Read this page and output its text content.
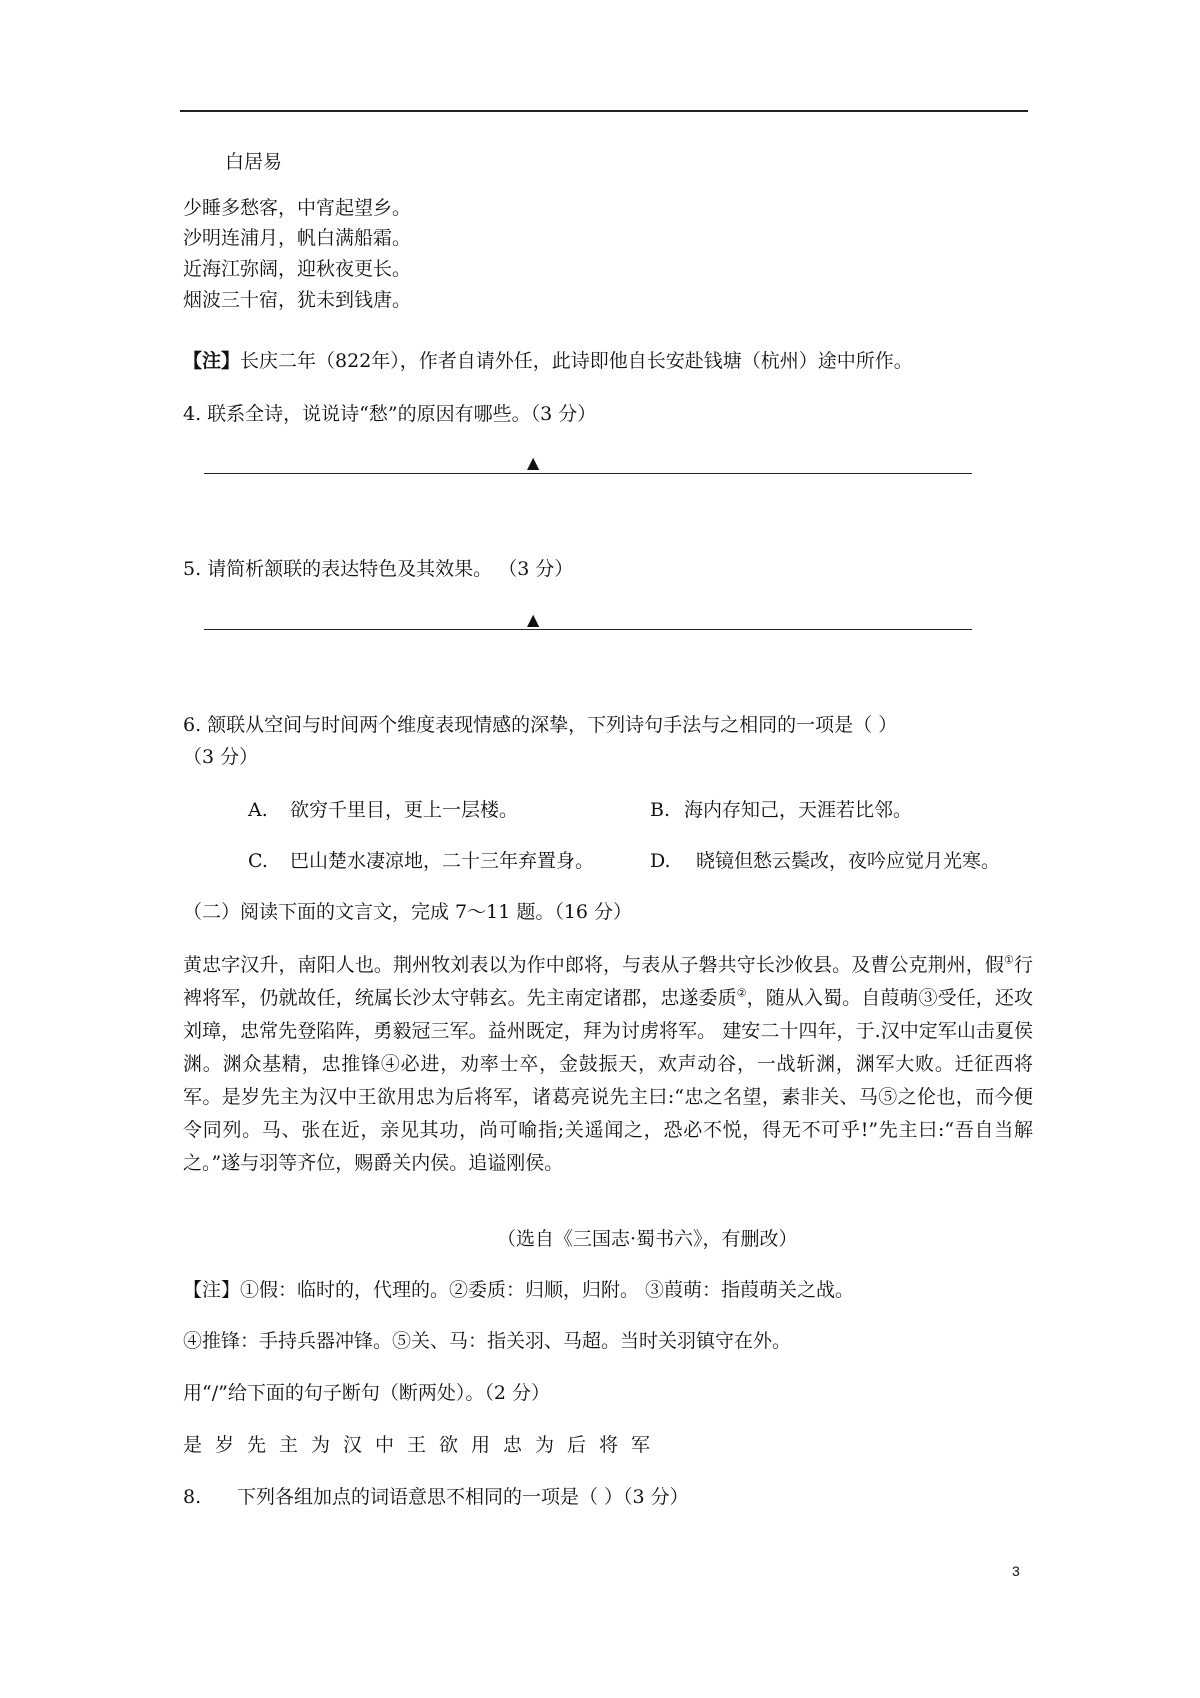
白居易
少睡多愁客，中宵起望乡。
沙明连浦月，帆白满船霜。
近海江弥阔，迎秋夜更长。
烟波三十宿，犹未到钱唐。
【注】长庆二年（822年），作者自请外任，此诗即他自长安赴钱塘（杭州）途中所作。
4. 联系全诗，说说诗“愁”的原因有哪些。（3 分）
▲
5. 请简析颔联的表达特色及其效果。 （3 分）
▲
6. 颔联从空间与时间两个维度表现情感的深挚，下列诗句手法与之相同的一项是（ ）
（3 分）
A. 欲穷千里目，更上一层楼。	B. 海内存知己，天涯若比邻。
C. 巴山楚水凄凉地，二十三年弃置身。	D. 晓镜但愁云鬓改，夜吟应觉月光寒。
（二）阅读下面的文言文，完成 7～11 题。（16 分）
黄忠字汉升，南阳人也。荆州牧刘表以为作中郎将，与表从子磐共守长沙攸县。及曹公克荆州，假①行裨将军，仍就故任，统属长沙太守韩玄。先主南定诸郡，忠遂委质②，随从入蜀。自葭萌③受任，还攻刘璋，忠常先登陷阵，勇毅冠三军。益州既定，拜为讨虏将军。 建安二十四年，于.汉中定军山击夏侯渊。渊众基精，忠推锋④必进，劝率士卒，金鼓振天，欢声动谷，一战斩渊，渊军大败。迁征西将军。是岁先主为汉中王欲用忠为后将军，诸葛亮说先主曰:“忠之名望，素非关、马⑤之伦也，而今便令同列。马、张在近，亲见其功，尚可喻指;关遥闻之，恐必不悦，得无不可乎!”先主曰:“吾自当解之。”遂与羽等齐位，赐爵关内侯。追谥刚侯。
（选自《三国志·蜀书六》，有删改）
【注】①假：临时的，代理的。②委质：归顺，归附。 ③葭萌：指葭萌关之战。
④推锋：手持兵器冲锋。⑤关、马：指关羽、马超。当时关羽镇守在外。
用“/”给下面的句子断句（断两处）。（2 分）
是岁先主为汉中王欲用忠为后将军
8. 下列各组加点的词语意思不相同的一项是（ ）（3 分）
3
